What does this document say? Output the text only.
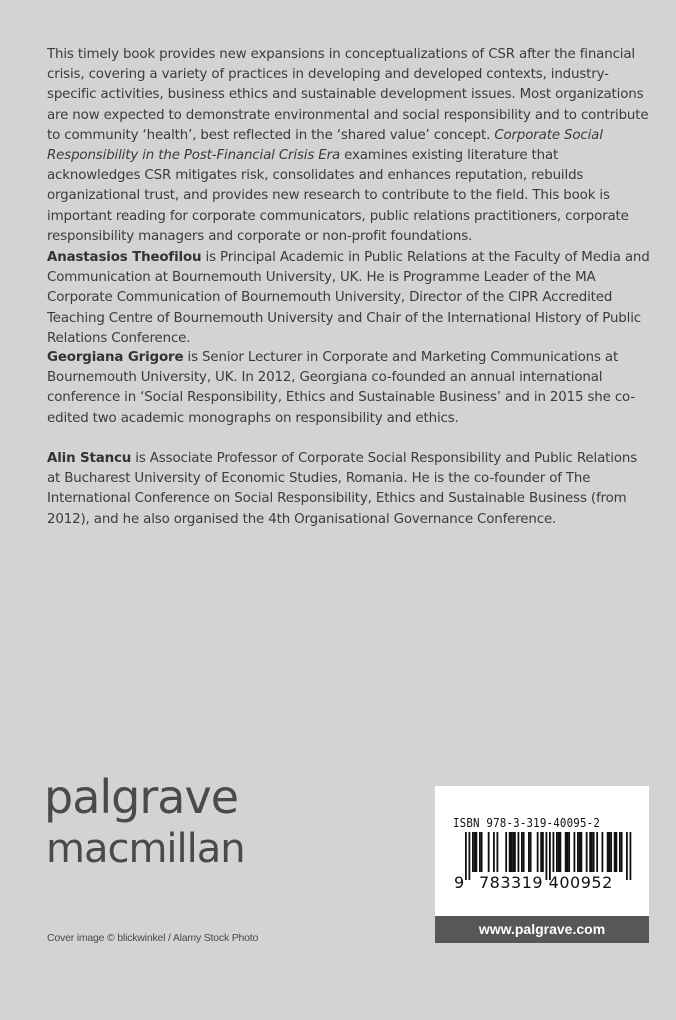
This timely book provides new expansions in conceptualizations of CSR after the financial crisis, covering a variety of practices in developing and developed contexts, industry-specific activities, business ethics and sustainable development issues. Most organizations are now expected to demonstrate environmental and social responsibility and to contribute to community ‘health’, best reflected in the ‘shared value’ concept. Corporate Social Responsibility in the Post-Financial Crisis Era examines existing literature that acknowledges CSR mitigates risk, consolidates and enhances reputation, rebuilds organizational trust, and provides new research to contribute to the field. This book is important reading for corporate communicators, public relations practitioners, corporate responsibility managers and corporate or non-profit foundations.

Anastasios Theofilou is Principal Academic in Public Relations at the Faculty of Media and Communication at Bournemouth University, UK. He is Programme Leader of the MA Corporate Communication of Bournemouth University, Director of the CIPR Accredited Teaching Centre of Bournemouth University and Chair of the International History of Public Relations Conference.

Georgiana Grigore is Senior Lecturer in Corporate and Marketing Communications at Bournemouth University, UK. In 2012, Georgiana co-founded an annual international conference in ‘Social Responsibility, Ethics and Sustainable Business’ and in 2015 she co-edited two academic monographs on responsibility and ethics.

Alin Stancu is Associate Professor of Corporate Social Responsibility and Public Relations at Bucharest University of Economic Studies, Romania. He is the co-founder of The International Conference on Social Responsibility, Ethics and Sustainable Business (from 2012), and he also organised the 4th Organisational Governance Conference.

palgrave
macmillan
Cover image © blickwinkel / Alamy Stock Photo
ISBN 978-3-319-40095-2
9 783319 400952
www.palgrave.com
